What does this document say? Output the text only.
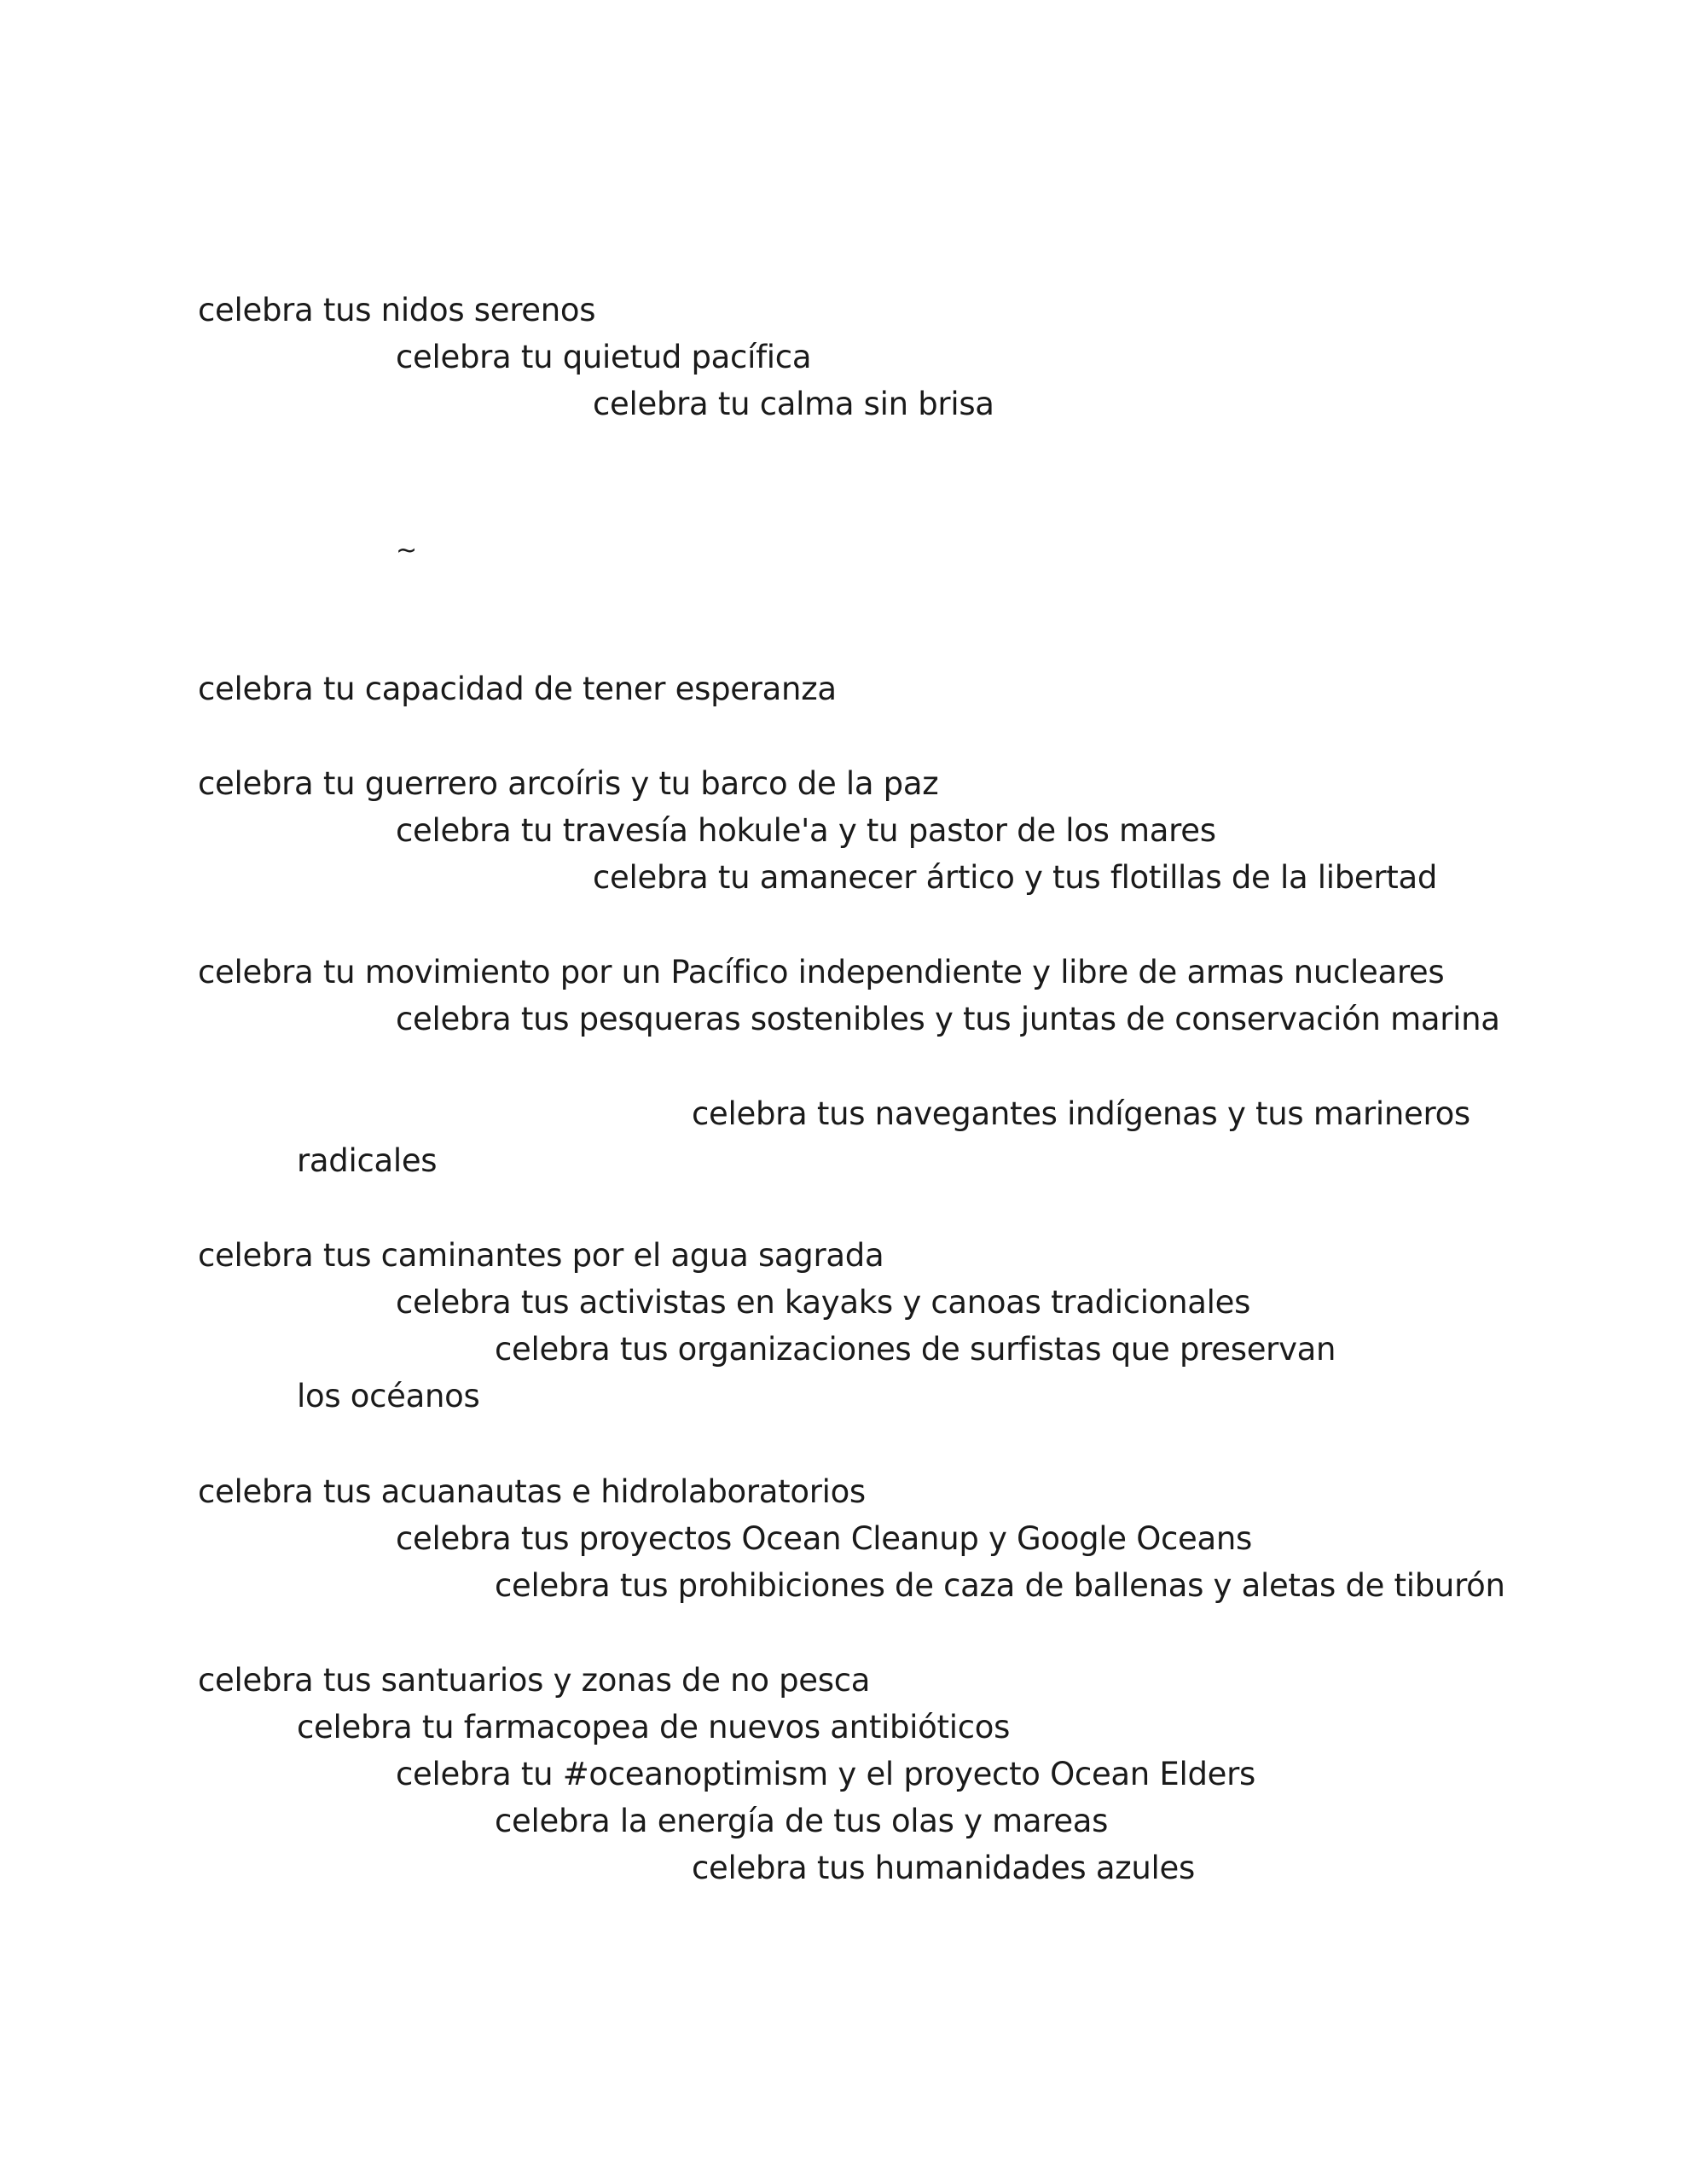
celebra tus nidos serenos
celebra tu quietud pacífica
celebra tu calma sin brisa
~
celebra tu capacidad de tener esperanza
celebra tu guerrero arcoíris y tu barco de la paz
celebra tu travesía hokule'a y tu pastor de los mares
celebra tu amanecer ártico y tus flotillas de la libertad
celebra tu movimiento por un Pacífico independiente y libre de armas nucleares
celebra tus pesqueras sostenibles y tus juntas de conservación marina
celebra tus navegantes indígenas y tus marineros
radicales
celebra tus caminantes por el agua sagrada
celebra tus activistas en kayaks y canoas tradicionales
celebra tus organizaciones de surfistas que preservan
los océanos
celebra tus acuanautas e hidrolaboratorios
celebra tus proyectos Ocean Cleanup y Google Oceans
celebra tus prohibiciones de caza de ballenas y aletas de tiburón
celebra tus santuarios y zonas de no pesca
celebra tu farmacopea de nuevos antibióticos
celebra tu #oceanoptimism y el proyecto Ocean Elders
celebra la energía de tus olas y mareas
celebra tus humanidades azules
